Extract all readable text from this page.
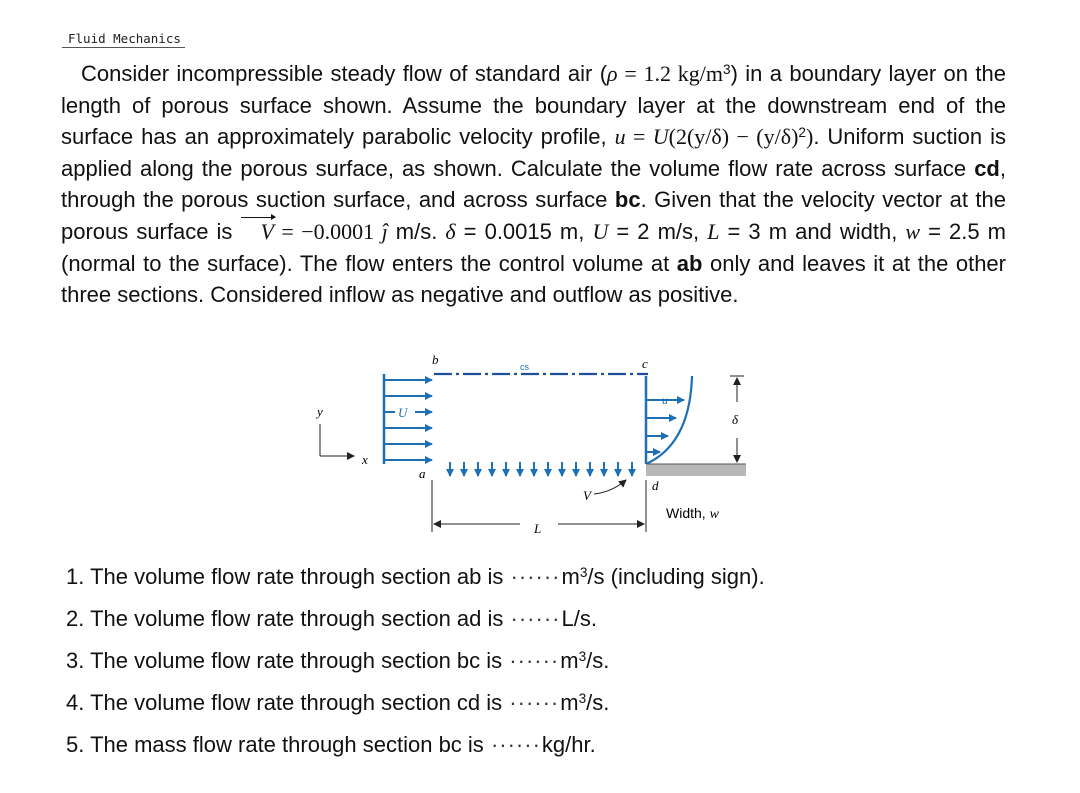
Fluid Mechanics

Consider incompressible steady flow of standard air (ρ = 1.2 $kg/m^3$) in a boundary layer on the length of porous surface shown. Assume the boundary layer at the downstream end of the surface has an approximately parabolic velocity profile, $u = U(2(y/\delta) - (y/\delta)^2)$. Uniform suction is applied along the porous surface, as shown. Calculate the volume flow rate across surface cd, through the porous suction surface, and across surface bc. Given that the velocity vector at the porous surface is V = −0.0001 ĵ m/s. δ = 0.0015 m, U = 2 m/s, L = 3 m and width, w = 2.5 m (normal to the surface). The flow enters the control volume at ab only and leaves it at the other three sections. Considered inflow as negative and outflow as positive.

y
x
U
cs
b	c
a
d
V
u
δ
L
Width, w
1. The volume flow rate through section ab is $\cdot\cdot\cdot\cdot\cdot\cdot m^3/s$ (including sign).
2. The volume flow rate through section ad is ······L/s.
3. The volume flow rate through section bc is $\cdot\cdot\cdot\cdot\cdot\cdot m^3/s$.
4. The volume flow rate through section cd is $\cdot\cdot\cdot\cdot\cdot\cdot m^3/s$.
5. The mass flow rate through section bc is ······kg/hr.
